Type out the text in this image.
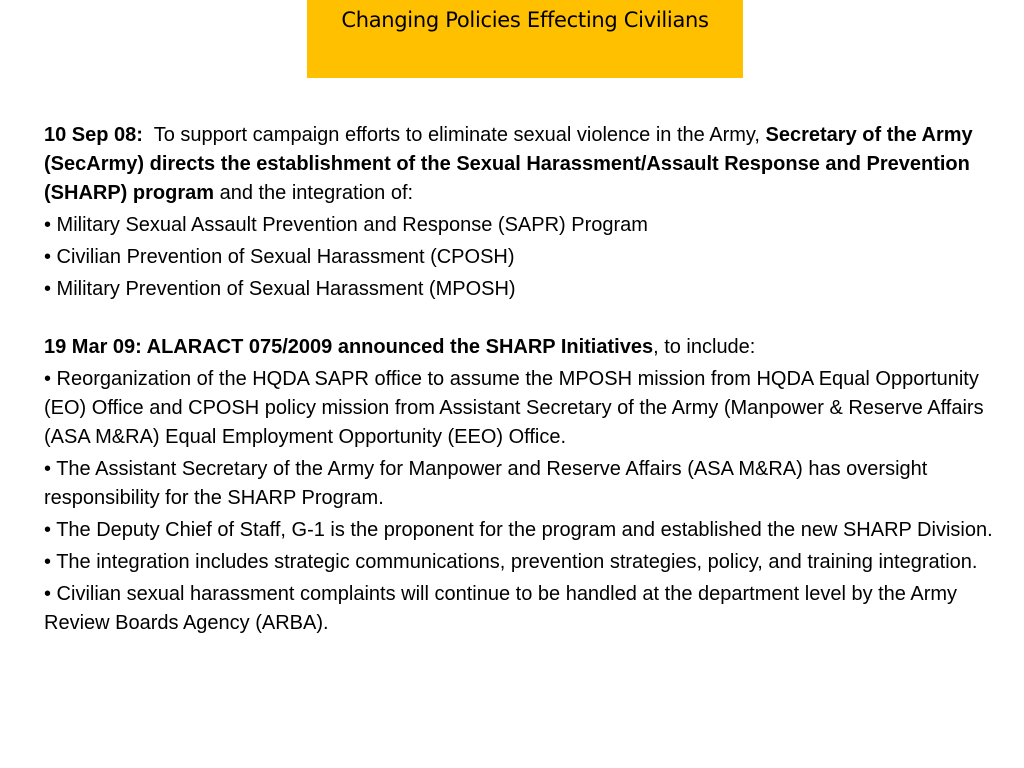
Changing Policies Effecting Civilians

10 Sep 08: To support campaign efforts to eliminate sexual violence in the Army, Secretary of the Army (SecArmy) directs the establishment of the Sexual Harassment/Assault Response and Prevention (SHARP) program and the integration of:

• Military Sexual Assault Prevention and Response (SAPR) Program

• Civilian Prevention of Sexual Harassment (CPOSH)

• Military Prevention of Sexual Harassment (MPOSH)

19 Mar 09: ALARACT 075/2009 announced the SHARP Initiatives, to include:

• Reorganization of the HQDA SAPR office to assume the MPOSH mission from HQDA Equal Opportunity (EO) Office and CPOSH policy mission from Assistant Secretary of the Army (Manpower & Reserve Affairs (ASA M&RA) Equal Employment Opportunity (EEO) Office.

• The Assistant Secretary of the Army for Manpower and Reserve Affairs (ASA M&RA) has oversight responsibility for the SHARP Program.

• The Deputy Chief of Staff, G-1 is the proponent for the program and established the new SHARP Division.

• The integration includes strategic communications, prevention strategies, policy, and training integration.

• Civilian sexual harassment complaints will continue to be handled at the department level by the Army Review Boards Agency (ARBA).
